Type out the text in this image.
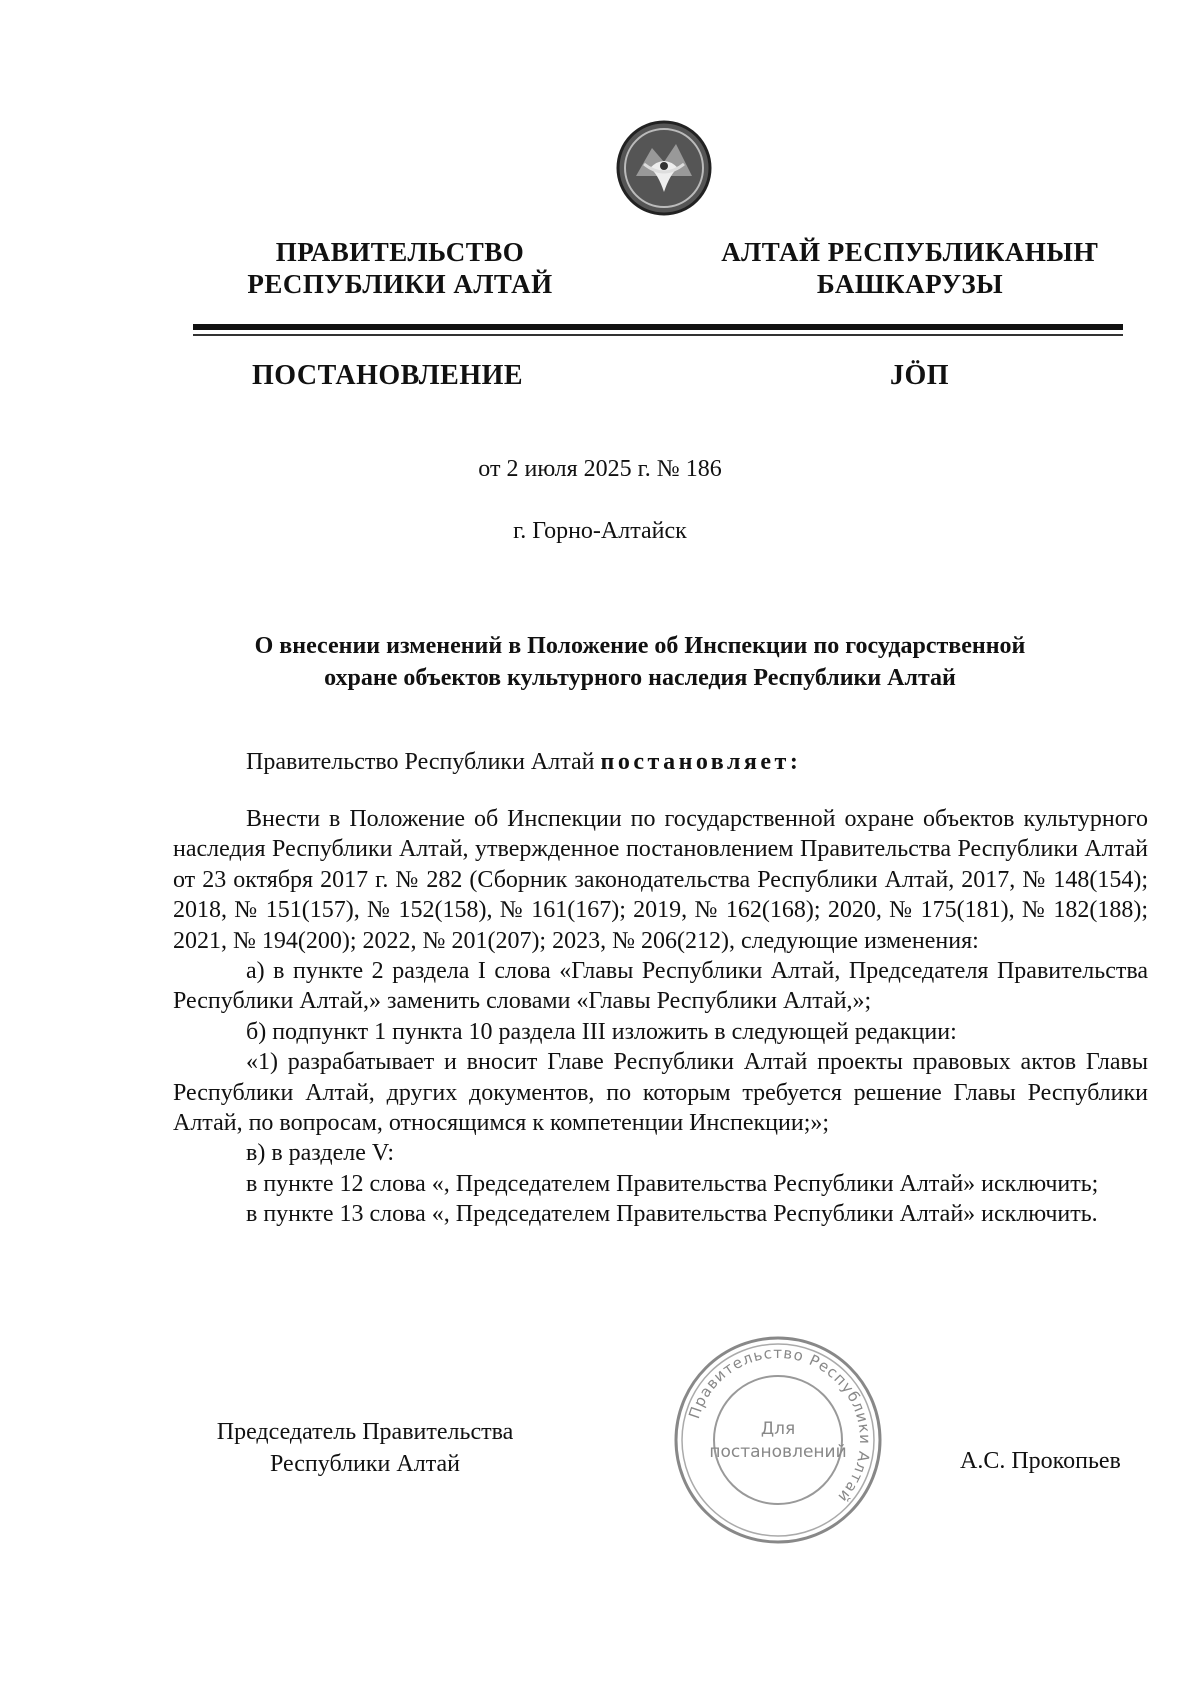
ПРАВИТЕЛЬСТВО
РЕСПУБЛИКИ АЛТАЙ
АЛТАЙ РЕСПУБЛИКАНЫҤ
БАШКАРУЗЫ
ПОСТАНОВЛЕНИЕ	JÖП
от 2 июля 2025 г. № 186
г. Горно-Алтайск
О внесении изменений в Положение об Инспекции по государственной
охране объектов культурного наследия Республики Алтай

Правительство Республики Алтай постановляет:

Внести в Положение об Инспекции по государственной охране объектов культурного наследия Республики Алтай, утвержденное постановлением Правительства Республики Алтай от 23 октября 2017 г. № 282 (Сборник законодательства Республики Алтай, 2017, № 148(154); 2018, № 151(157), № 152(158), № 161(167); 2019, № 162(168); 2020, № 175(181), № 182(188); 2021, № 194(200); 2022, № 201(207); 2023, № 206(212), следующие изменения:

а) в пункте 2 раздела I слова «Главы Республики Алтай, Председателя Правительства Республики Алтай,» заменить словами «Главы Республики Алтай,»;

б) подпункт 1 пункта 10 раздела III изложить в следующей редакции:

«1) разрабатывает и вносит Главе Республики Алтай проекты правовых актов Главы Республики Алтай, других документов, по которым требуется решение Главы Республики Алтай, по вопросам, относящимся к компетенции Инспекции;»;

в) в разделе V:

в пункте 12 слова «, Председателем Правительства Республики Алтай» исключить;

в пункте 13 слова «, Председателем Правительства Республики Алтай» исключить.

Правительство Республики Алтай
Для
постановлений
Председатель Правительства
Республики Алтай	А.С. Прокопьев
